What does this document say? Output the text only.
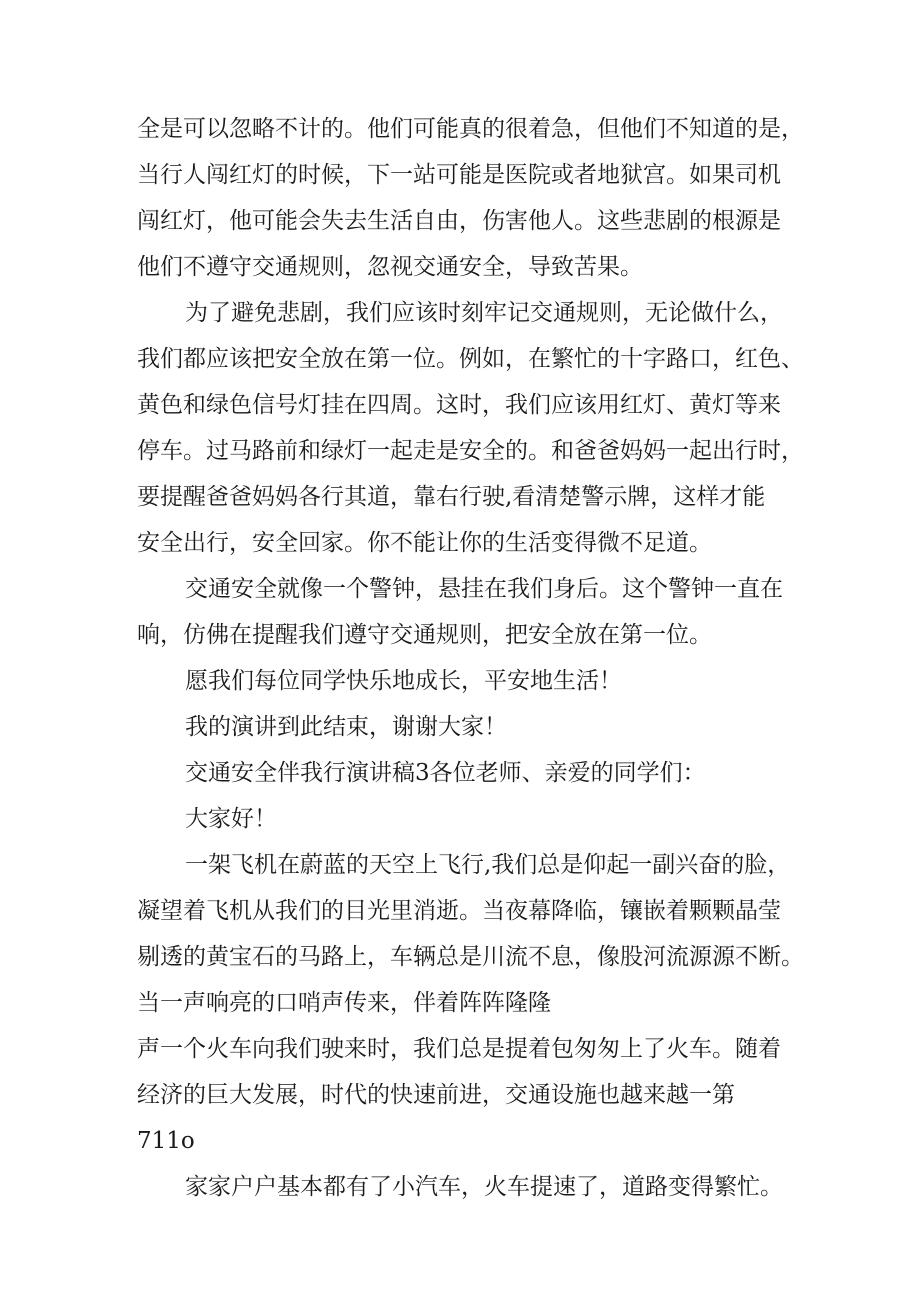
全是可以忽略不计的。他们可能真的很着急，但他们不知道的是，
当行人闯红灯的时候，下一站可能是医院或者地狱宫。如果司机
闯红灯，他可能会失去生活自由，伤害他人。这些悲剧的根源是
他们不遵守交通规则，忽视交通安全，导致苦果。
为了避免悲剧，我们应该时刻牢记交通规则，无论做什么，
我们都应该把安全放在第一位。例如，在繁忙的十字路口，红色、
黄色和绿色信号灯挂在四周。这时，我们应该用红灯、黄灯等来
停车。过马路前和绿灯一起走是安全的。和爸爸妈妈一起出行时，
要提醒爸爸妈妈各行其道，靠右行驶,看清楚警示牌，这样才能
安全出行，安全回家。你不能让你的生活变得微不足道。
交通安全就像一个警钟，悬挂在我们身后。这个警钟一直在
响，仿佛在提醒我们遵守交通规则，把安全放在第一位。
愿我们每位同学快乐地成长，平安地生活！
我的演讲到此结束，谢谢大家！
交通安全伴我行演讲稿3各位老师、亲爱的同学们：
大家好！
一架飞机在蔚蓝的天空上飞行,我们总是仰起一副兴奋的脸，
凝望着飞机从我们的目光里消逝。当夜幕降临，镶嵌着颗颗晶莹
剔透的黄宝石的马路上，车辆总是川流不息，像股河流源源不断。
当一声响亮的口哨声传来，伴着阵阵隆隆
声一个火车向我们驶来时，我们总是提着包匆匆上了火车。随着
经济的巨大发展，时代的快速前进，交通设施也越来越一第
711o
家家户户基本都有了小汽车，火车提速了，道路变得繁忙。
